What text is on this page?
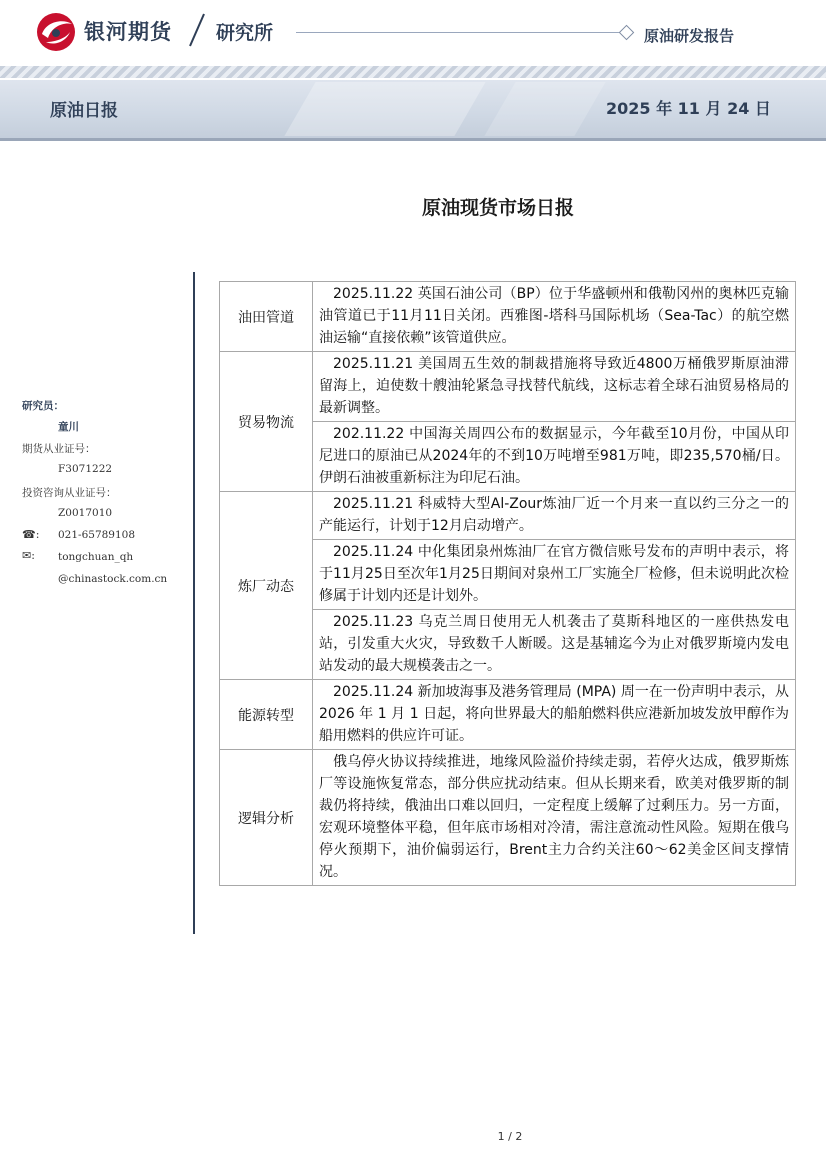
银河期货 研究所	原油研发报告
原油日报	2025 年 11 月 24 日
原油现货市场日报
研究员：
童川
期货从业证号：
F3071222
投资咨询从业证号：
Z0017010
☎: 021-65789108
✉: tongchuan_qh
@chinastock.com.cn
油田管道	2025.11.22 英国石油公司（BP）位于华盛顿州和俄勒冈州的奥林匹克输油管道已于11月11日关闭。西雅图-塔科马国际机场（Sea-Tac）的航空燃油运输“直接依赖”该管道供应。
贸易物流	2025.11.21 美国周五生效的制裁措施将导致近4800万桶俄罗斯原油滞留海上，迫使数十艘油轮紧急寻找替代航线，这标志着全球石油贸易格局的最新调整。
	202.11.22 中国海关周四公布的数据显示，今年截至10月份，中国从印尼进口的原油已从2024年的不到10万吨增至981万吨，即235,570桶/日。伊朗石油被重新标注为印尼石油。
炼厂动态	2025.11.21 科威特大型Al-Zour炼油厂近一个月来一直以约三分之一的产能运行，计划于12月启动增产。
	2025.11.24 中化集团泉州炼油厂在官方微信账号发布的声明中表示，将于11月25日至次年1月25日期间对泉州工厂实施全厂检修，但未说明此次检修属于计划内还是计划外。
	2025.11.23 乌克兰周日使用无人机袭击了莫斯科地区的一座供热发电站，引发重大火灾，导致数千人断暖。这是基辅迄今为止对俄罗斯境内发电站发动的最大规模袭击之一。
能源转型	2025.11.24 新加坡海事及港务管理局 (MPA) 周一在一份声明中表示，从 2026 年 1 月 1 日起，将向世界最大的船舶燃料供应港新加坡发放甲醇作为船用燃料的供应许可证。
逻辑分析	俄乌停火协议持续推进，地缘风险溢价持续走弱，若停火达成，俄罗斯炼厂等设施恢复常态，部分供应扰动结束。但从长期来看，欧美对俄罗斯的制裁仍将持续，俄油出口难以回归，一定程度上缓解了过剩压力。另一方面，宏观环境整体平稳，但年底市场相对冷清，需注意流动性风险。短期在俄乌停火预期下，油价偏弱运行，Brent主力合约关注60～62美金区间支撑情况。
1 / 2
